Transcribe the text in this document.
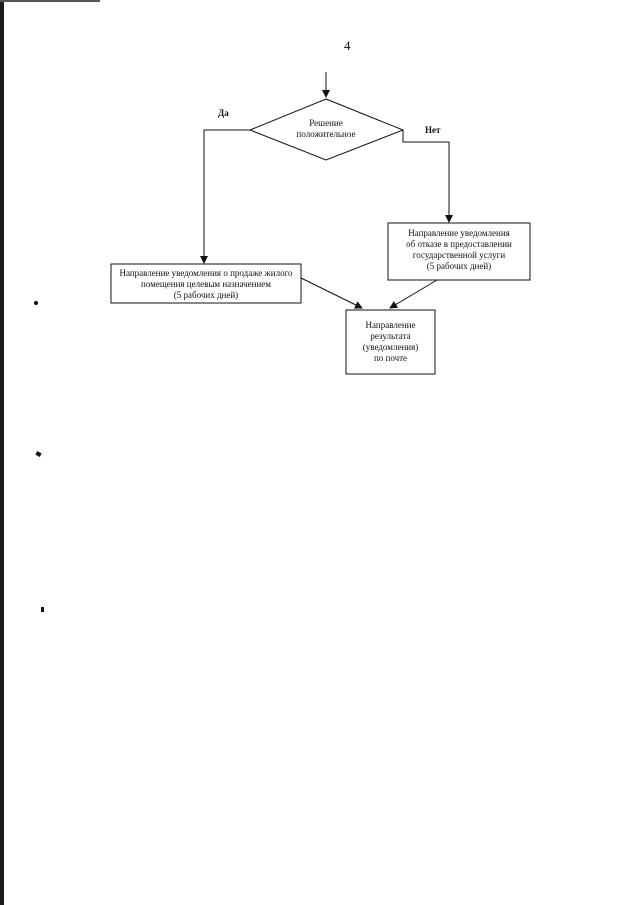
4
Решение
положительное
Да
Нет
Направление уведомления о продаже жилого
помещения целевым назначением
(5 рабочих дней)
Направление уведомления
об отказе в предоставлении
государственной услуги
(5 рабочих дней)
Направление
результата
(уведомления)
по почте
